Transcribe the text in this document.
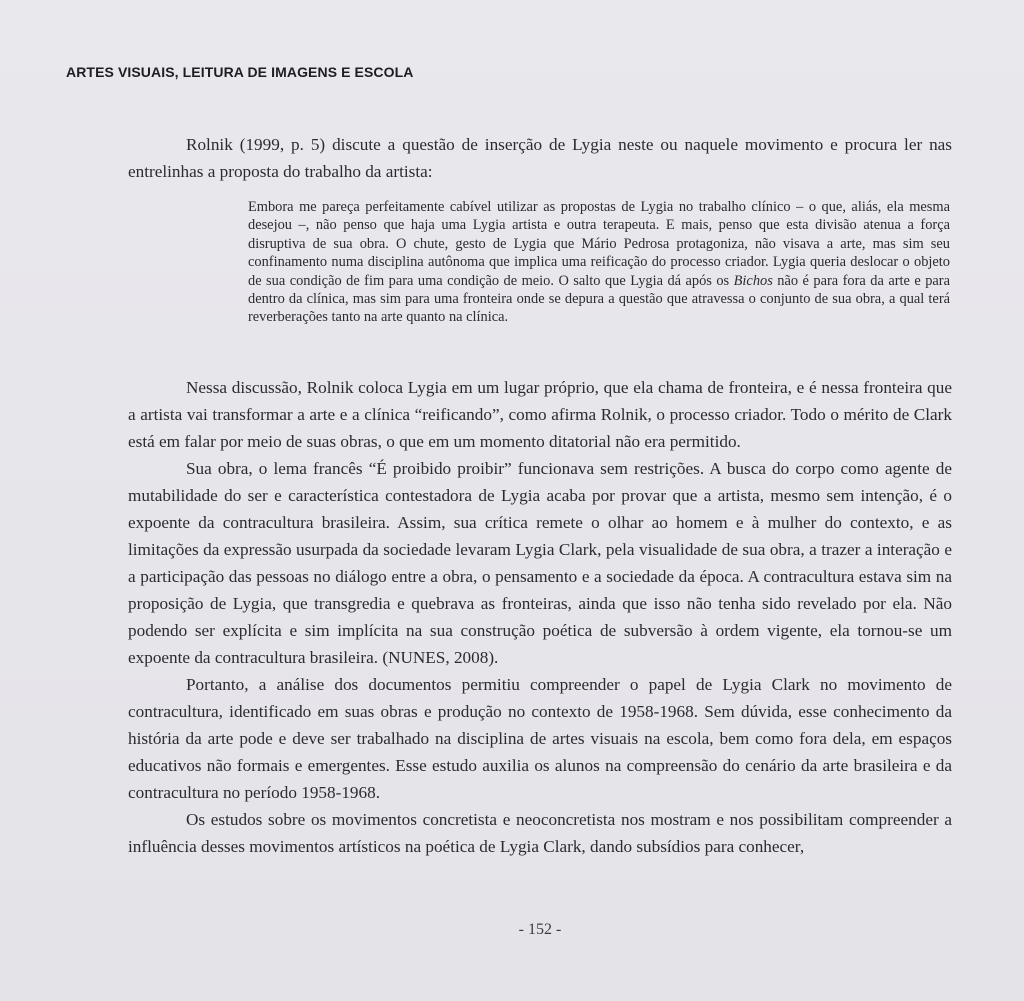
ARTES VISUAIS, LEITURA DE IMAGENS E ESCOLA

Rolnik (1999, p. 5) discute a questão de inserção de Lygia neste ou naquele movimento e procura ler nas entrelinhas a proposta do trabalho da artista:

Embora me pareça perfeitamente cabível utilizar as propostas de Lygia no trabalho clínico – o que, aliás, ela mesma desejou –, não penso que haja uma Lygia artista e outra terapeuta. E mais, penso que esta divisão atenua a força disruptiva de sua obra. O chute, gesto de Lygia que Mário Pedrosa protagoniza, não visava a arte, mas sim seu confinamento numa disciplina autônoma que implica uma reificação do processo criador. Lygia queria deslocar o objeto de sua condição de fim para uma condição de meio. O salto que Lygia dá após os Bichos não é para fora da arte e para dentro da clínica, mas sim para uma fronteira onde se depura a questão que atravessa o conjunto de sua obra, a qual terá reverberações tanto na arte quanto na clínica.

Nessa discussão, Rolnik coloca Lygia em um lugar próprio, que ela chama de fronteira, e é nessa fronteira que a artista vai transformar a arte e a clínica “reificando”, como afirma Rolnik, o processo criador. Todo o mérito de Clark está em falar por meio de suas obras, o que em um momento ditatorial não era permitido.

Sua obra, o lema francês “É proibido proibir” funcionava sem restrições. A busca do corpo como agente de mutabilidade do ser e característica contestadora de Lygia acaba por provar que a artista, mesmo sem intenção, é o expoente da contracultura brasileira. Assim, sua crítica remete o olhar ao homem e à mulher do contexto, e as limitações da expressão usurpada da sociedade levaram Lygia Clark, pela visualidade de sua obra, a trazer a interação e a participação das pessoas no diálogo entre a obra, o pensamento e a sociedade da época. A contracultura estava sim na proposição de Lygia, que transgredia e quebrava as fronteiras, ainda que isso não tenha sido revelado por ela. Não podendo ser explícita e sim implícita na sua construção poética de subversão à ordem vigente, ela tornou-se um expoente da contracultura brasileira. (NUNES, 2008).

Portanto, a análise dos documentos permitiu compreender o papel de Lygia Clark no movimento de contracultura, identificado em suas obras e produção no contexto de 1958-1968. Sem dúvida, esse conhecimento da história da arte pode e deve ser trabalhado na disciplina de artes visuais na escola, bem como fora dela, em espaços educativos não formais e emergentes. Esse estudo auxilia os alunos na compreensão do cenário da arte brasileira e da contracultura no período 1958-1968.

Os estudos sobre os movimentos concretista e neoconcretista nos mostram e nos possibilitam compreender a influência desses movimentos artísticos na poética de Lygia Clark, dando subsídios para conhecer,

- 152 -
